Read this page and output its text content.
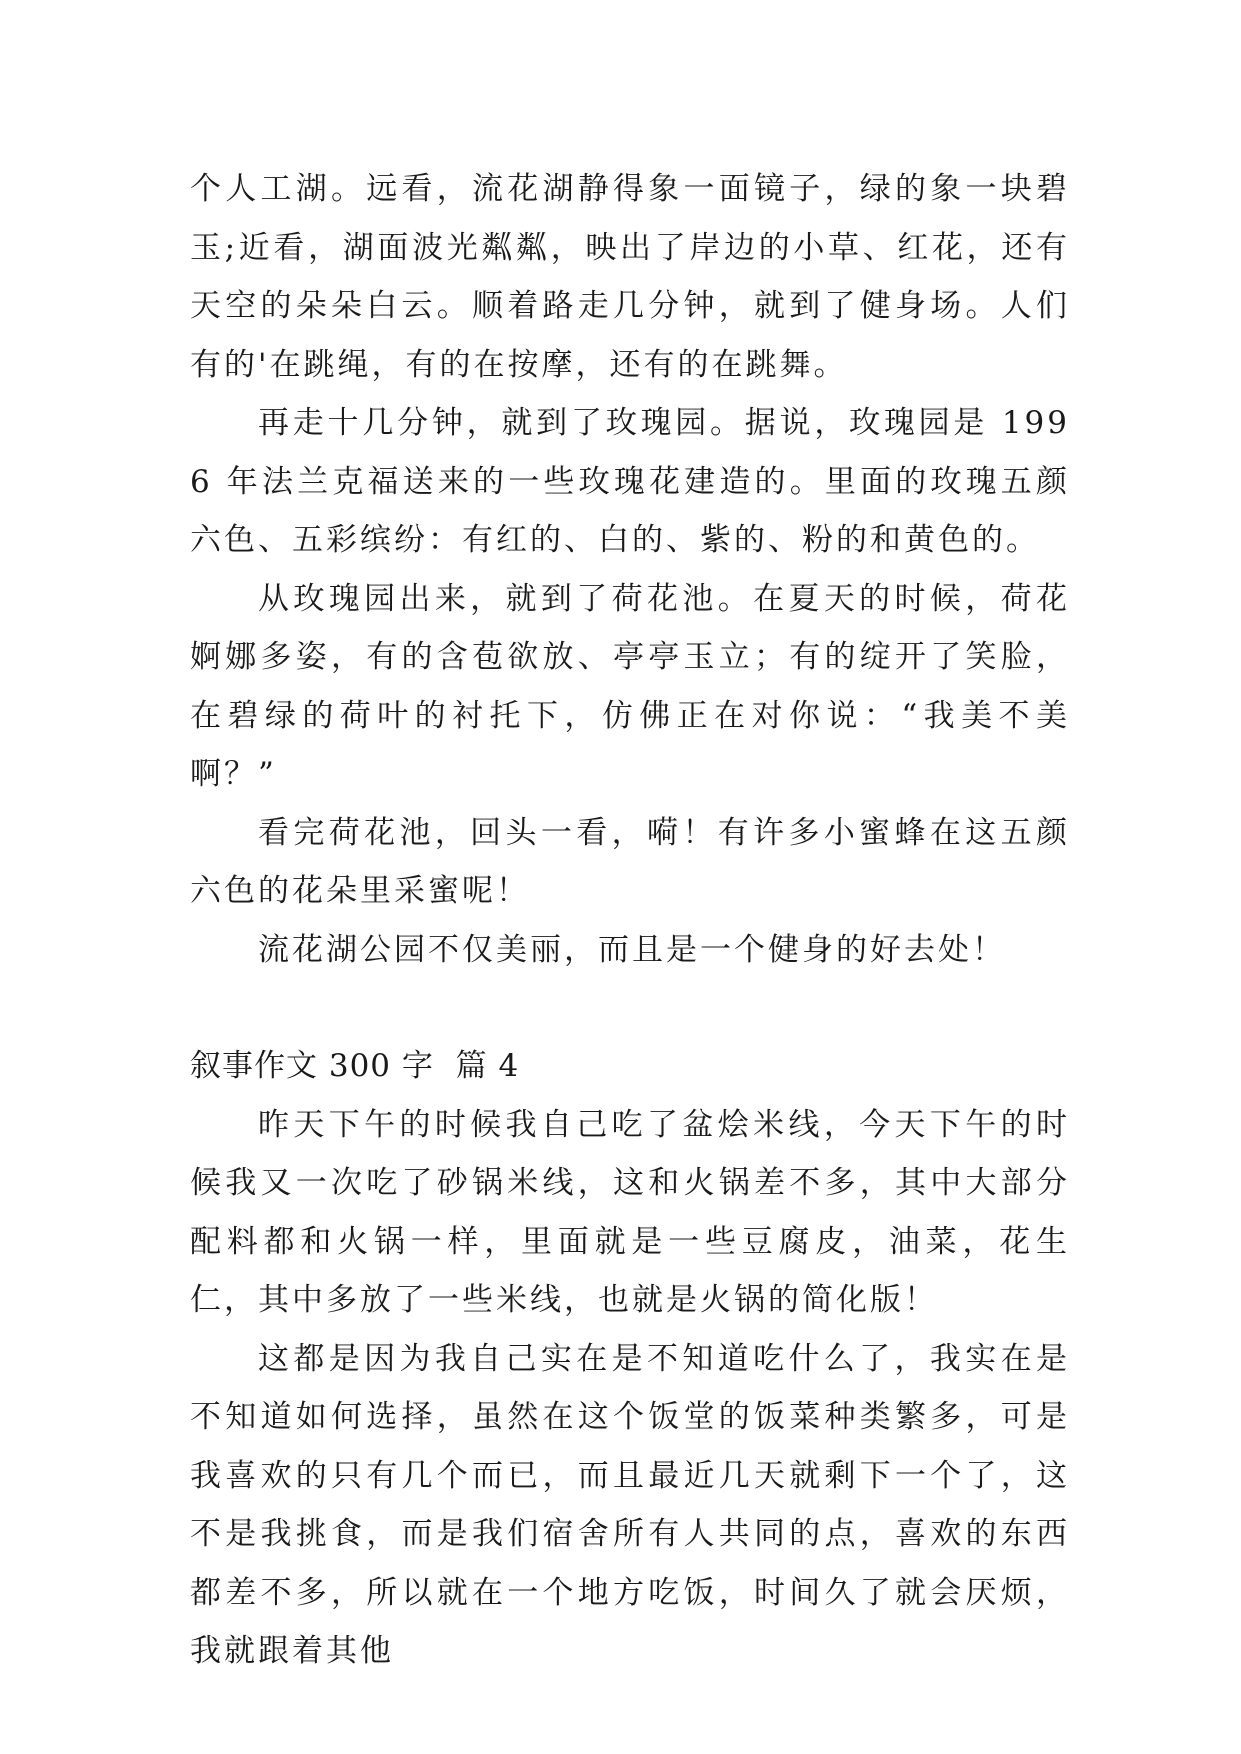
个人工湖。远看，流花湖静得象一面镜子，绿的象一块碧玉;近看，湖面波光粼粼，映出了岸边的小草、红花，还有天空的朵朵白云。顺着路走几分钟，就到了健身场。人们有的'在跳绳，有的在按摩，还有的在跳舞。

再走十几分钟，就到了玫瑰园。据说，玫瑰园是 1996 年法兰克福送来的一些玫瑰花建造的。里面的玫瑰五颜六色、五彩缤纷：有红的、白的、紫的、粉的和黄色的。

从玫瑰园出来，就到了荷花池。在夏天的时候，荷花婀娜多姿，有的含苞欲放、亭亭玉立；有的绽开了笑脸，在碧绿的荷叶的衬托下，仿佛正在对你说：“我美不美啊？”

看完荷花池，回头一看，嗬！有许多小蜜蜂在这五颜六色的花朵里采蜜呢！

流花湖公园不仅美丽，而且是一个健身的好去处！

叙事作文 300 字  篇 4

昨天下午的时候我自己吃了盆烩米线，今天下午的时候我又一次吃了砂锅米线，这和火锅差不多，其中大部分配料都和火锅一样，里面就是一些豆腐皮，油菜，花生仁，其中多放了一些米线，也就是火锅的简化版！

这都是因为我自己实在是不知道吃什么了，我实在是不知道如何选择，虽然在这个饭堂的饭菜种类繁多，可是我喜欢的只有几个而已，而且最近几天就剩下一个了，这不是我挑食，而是我们宿舍所有人共同的点，喜欢的东西都差不多，所以就在一个地方吃饭，时间久了就会厌烦，我就跟着其他
